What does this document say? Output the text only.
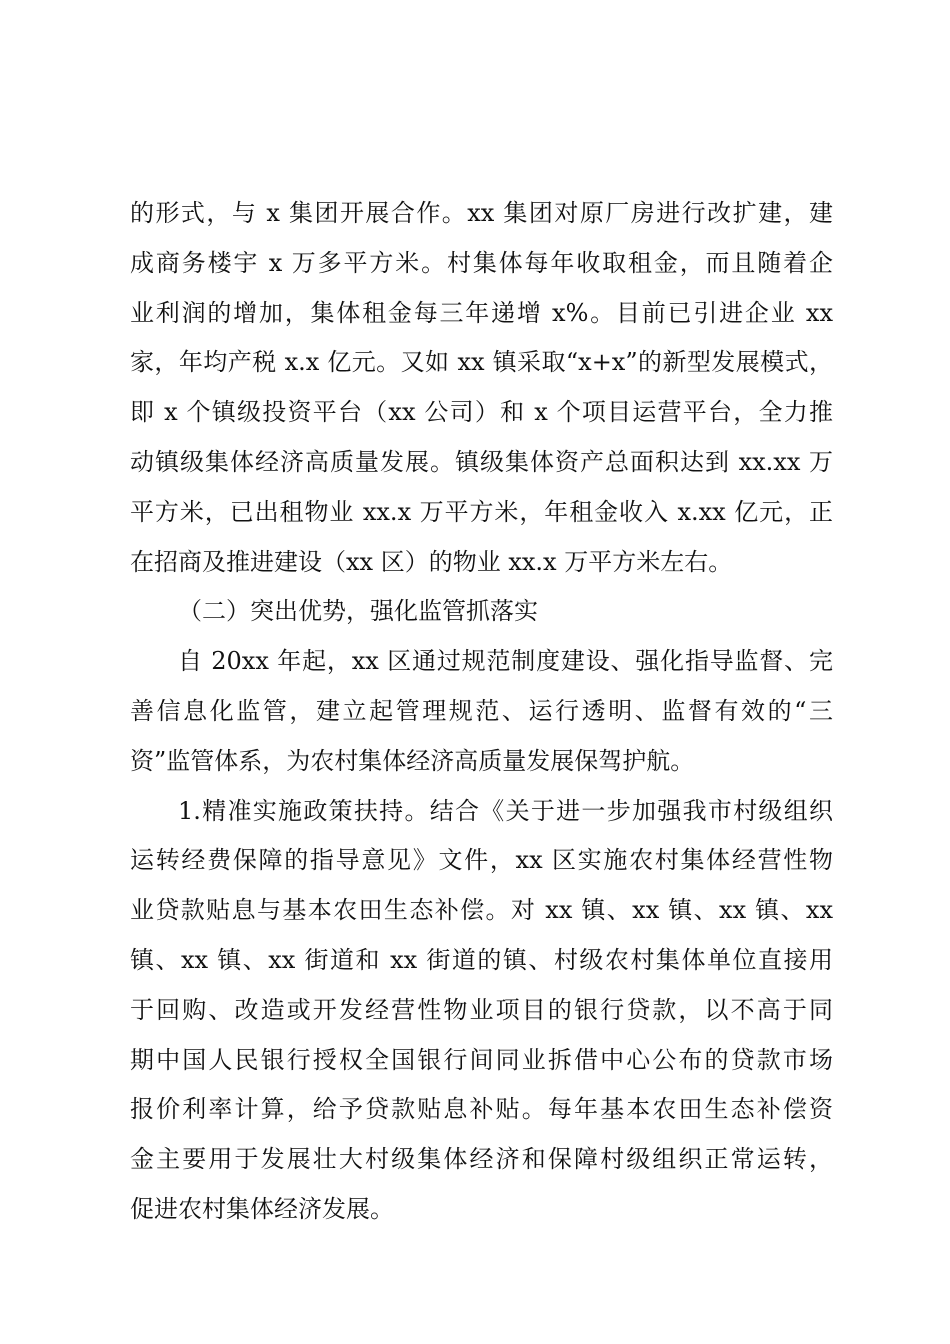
的形式，与 x 集团开展合作。xx 集团对原厂房进行改扩建，建
成商务楼宇 x 万多平方米。村集体每年收取租金，而且随着企
业利润的增加，集体租金每三年递增 x%。目前已引进企业 xx
家，年均产税 x.x 亿元。又如 xx 镇采取“x+x”的新型发展模式，
即 x 个镇级投资平台（xx 公司）和 x 个项目运营平台，全力推
动镇级集体经济高质量发展。镇级集体资产总面积达到 xx.xx 万
平方米，已出租物业 xx.x 万平方米，年租金收入 x.xx 亿元，正
在招商及推进建设（xx 区）的物业 xx.x 万平方米左右。
（二）突出优势，强化监管抓落实
自 20xx 年起，xx 区通过规范制度建设、强化指导监督、完
善信息化监管，建立起管理规范、运行透明、监督有效的“三
资”监管体系，为农村集体经济高质量发展保驾护航。
1.精准实施政策扶持。结合《关于进一步加强我市村级组织
运转经费保障的指导意见》文件，xx 区实施农村集体经营性物
业贷款贴息与基本农田生态补偿。对 xx 镇、xx 镇、xx 镇、xx
镇、xx 镇、xx 街道和 xx 街道的镇、村级农村集体单位直接用
于回购、改造或开发经营性物业项目的银行贷款，以不高于同
期中国人民银行授权全国银行间同业拆借中心公布的贷款市场
报价利率计算，给予贷款贴息补贴。每年基本农田生态补偿资
金主要用于发展壮大村级集体经济和保障村级组织正常运转，
促进农村集体经济发展。
